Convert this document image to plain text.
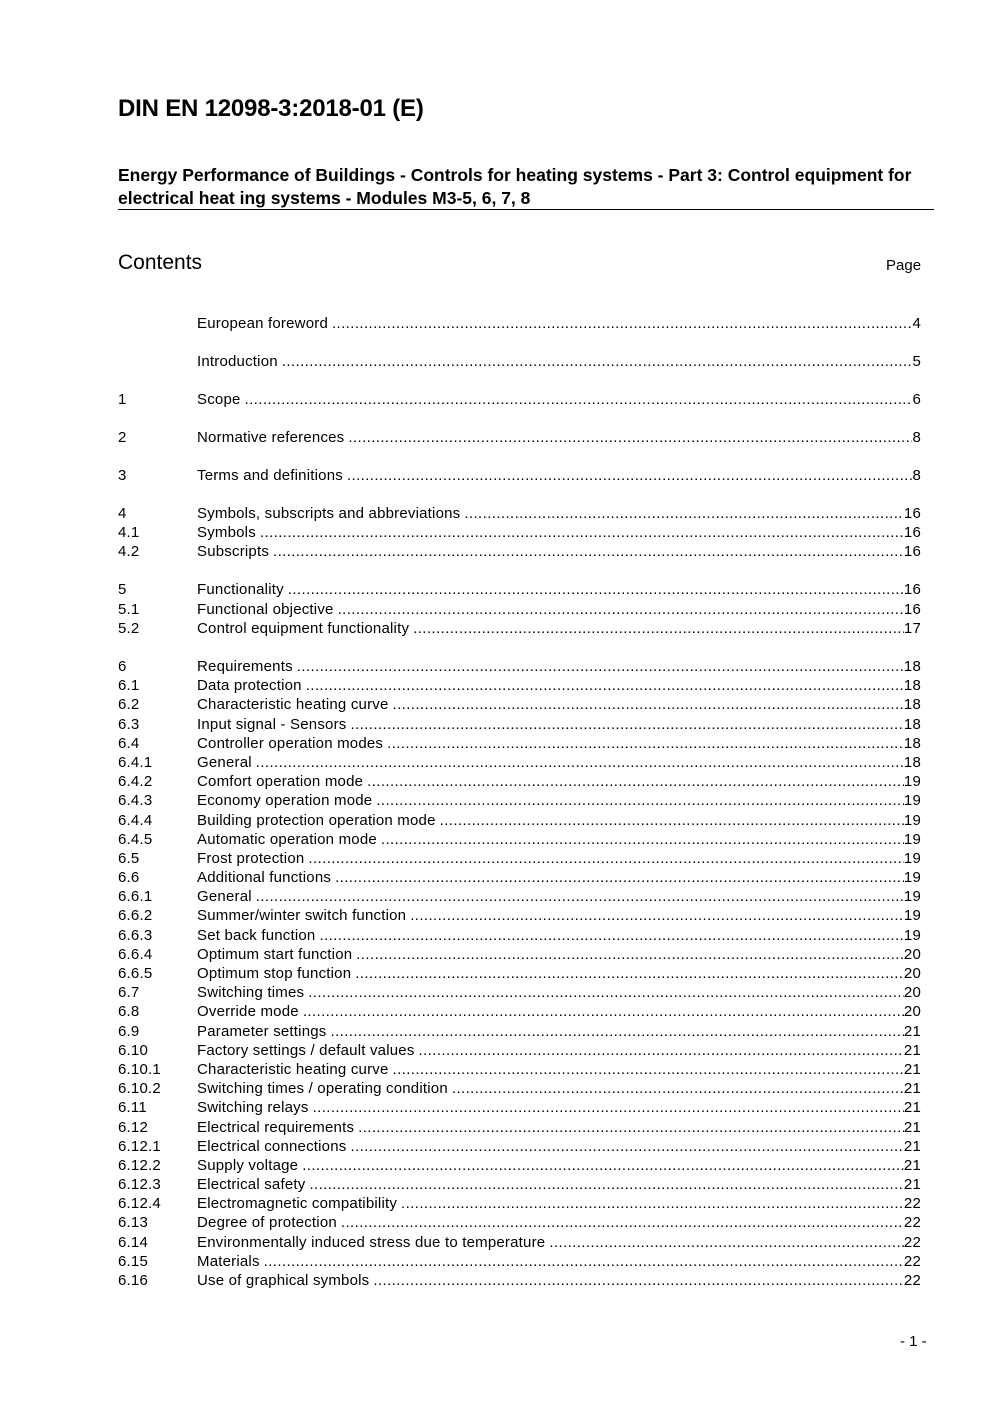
DIN EN 12098-3:2018-01 (E)
Energy Performance of Buildings - Controls for heating systems - Part 3: Control equipment for electrical heat ing systems - Modules M3-5, 6, 7, 8
Contents	Page
European foreword .....	4
Introduction .....	5
1	Scope .....	6
2	Normative references .....	8
3	Terms and definitions .....	8
4	Symbols, subscripts and abbreviations .....	16
4.1	Symbols .....	16
4.2	Subscripts .....	16
5	Functionality .....	16
5.1	Functional objective .....	16
5.2	Control equipment functionality .....	17
6	Requirements .....	18
6.1	Data protection .....	18
6.2	Characteristic heating curve .....	18
6.3	Input signal - Sensors .....	18
6.4	Controller operation modes .....	18
6.4.1	General .....	18
6.4.2	Comfort operation mode .....	19
6.4.3	Economy operation mode .....	19
6.4.4	Building protection operation mode .....	19
6.4.5	Automatic operation mode .....	19
6.5	Frost protection .....	19
6.6	Additional functions .....	19
6.6.1	General .....	19
6.6.2	Summer/winter switch function .....	19
6.6.3	Set back function .....	19
6.6.4	Optimum start function .....	20
6.6.5	Optimum stop function .....	20
6.7	Switching times .....	20
6.8	Override mode .....	20
6.9	Parameter settings .....	21
6.10	Factory settings / default values .....	21
6.10.1	Characteristic heating curve .....	21
6.10.2	Switching times / operating condition .....	21
6.11	Switching relays .....	21
6.12	Electrical requirements .....	21
6.12.1	Electrical connections .....	21
6.12.2	Supply voltage .....	21
6.12.3	Electrical safety .....	21
6.12.4	Electromagnetic compatibility .....	22
6.13	Degree of protection .....	22
6.14	Environmentally induced stress due to temperature .....	22
6.15	Materials .....	22
6.16	Use of graphical symbols .....	22
- 1 -
